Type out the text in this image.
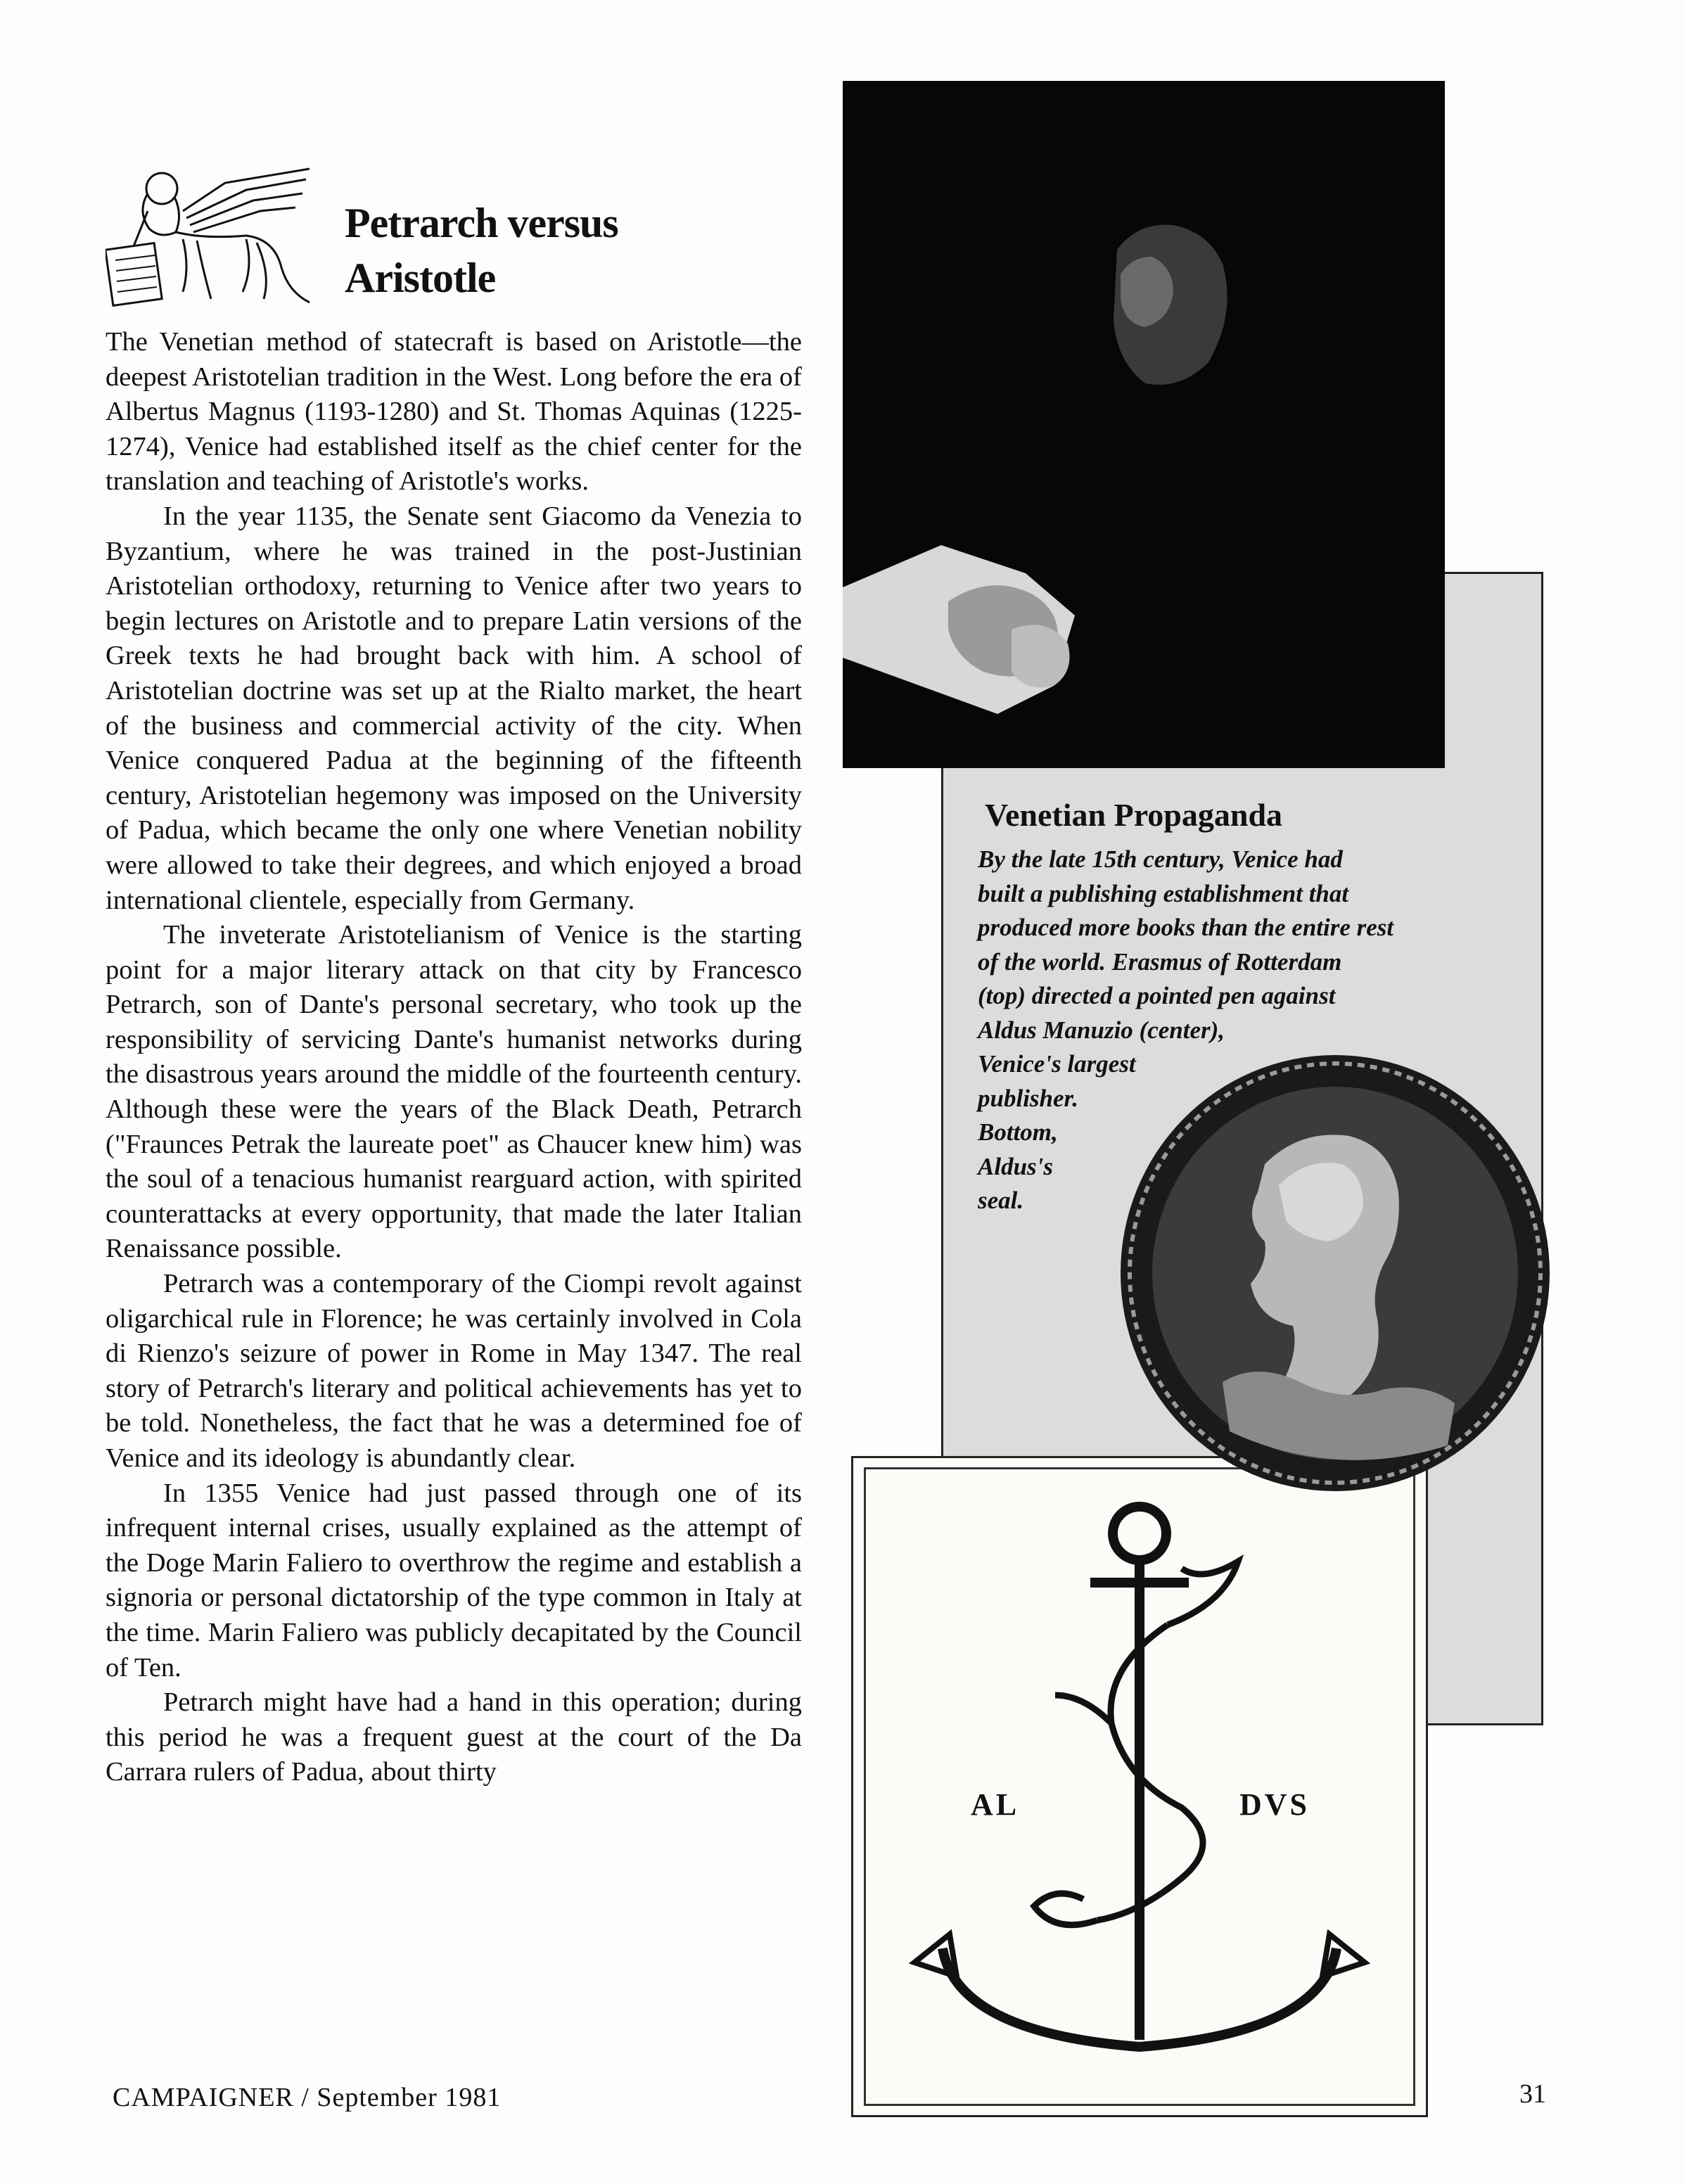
Petrarch versus
Aristotle

The Venetian method of statecraft is based on Aristotle—the deepest Aristotelian tradition in the West. Long before the era of Albertus Magnus (1193-1280) and St. Thomas Aquinas (1225-1274), Venice had established itself as the chief center for the translation and teaching of Aristotle's works.

In the year 1135, the Senate sent Giacomo da Venezia to Byzantium, where he was trained in the post-Justinian Aristotelian orthodoxy, returning to Venice after two years to begin lectures on Aristotle and to prepare Latin versions of the Greek texts he had brought back with him. A school of Aristotelian doctrine was set up at the Rialto market, the heart of the business and commercial activity of the city. When Venice conquered Padua at the beginning of the fifteenth century, Aristotelian hegemony was imposed on the University of Padua, which became the only one where Venetian nobility were allowed to take their degrees, and which enjoyed a broad international clientele, especially from Germany.

The inveterate Aristotelianism of Venice is the starting point for a major literary attack on that city by Francesco Petrarch, son of Dante's personal secretary, who took up the responsibility of servicing Dante's humanist networks during the disastrous years around the middle of the fourteenth century. Although these were the years of the Black Death, Petrarch ("Fraunces Petrak the laureate poet" as Chaucer knew him) was the soul of a tenacious humanist rearguard action, with spirited counterattacks at every opportunity, that made the later Italian Renaissance possible.

Petrarch was a contemporary of the Ciompi revolt against oligarchical rule in Florence; he was certainly involved in Cola di Rienzo's seizure of power in Rome in May 1347. The real story of Petrarch's literary and political achievements has yet to be told. Nonetheless, the fact that he was a determined foe of Venice and its ideology is abundantly clear.

In 1355 Venice had just passed through one of its infrequent internal crises, usually explained as the attempt of the Doge Marin Faliero to overthrow the regime and establish a signoria or personal dictatorship of the type common in Italy at the time. Marin Faliero was publicly decapitated by the Council of Ten.

Petrarch might have had a hand in this operation; during this period he was a frequent guest at the court of the Da Carrara rulers of Padua, about thirty

Venetian Propaganda
By the late 15th century, Venice had
built a publishing establishment that
produced more books than the entire rest
of the world. Erasmus of Rotterdam
(top) directed a pointed pen against
Aldus Manuzio (center),
Venice's largest
publisher.
Bottom,
Aldus's
seal.
AL	DVS
CAMPAIGNER / September 1981	31
